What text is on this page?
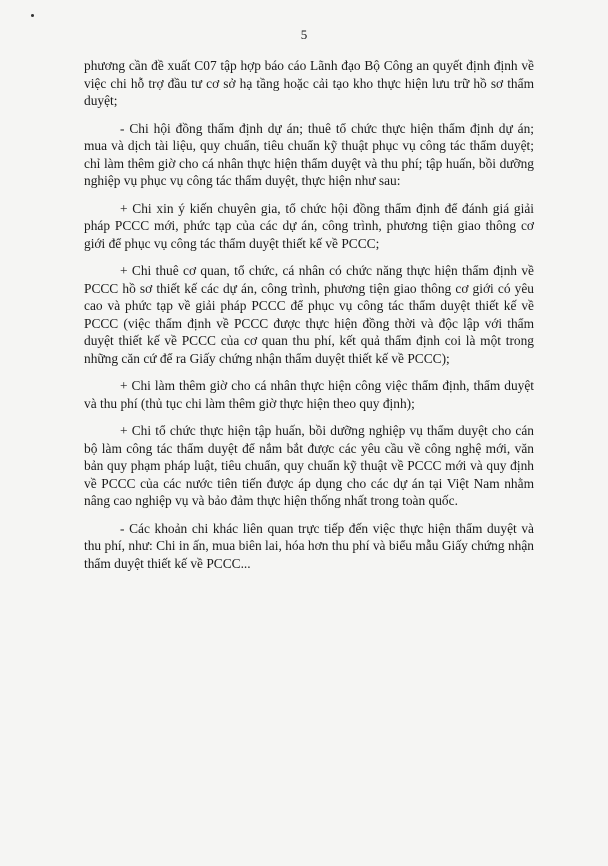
5

phương cần đề xuất C07 tập hợp báo cáo Lãnh đạo Bộ Công an quyết định định về việc chi hỗ trợ đầu tư cơ sở hạ tầng hoặc cải tạo kho thực hiện lưu trữ hồ sơ thẩm duyệt;

- Chi hội đồng thẩm định dự án; thuê tổ chức thực hiện thẩm định dự án; mua và dịch tài liệu, quy chuẩn, tiêu chuẩn kỹ thuật phục vụ công tác thẩm duyệt; chỉ làm thêm giờ cho cá nhân thực hiện thẩm duyệt và thu phí; tập huấn, bồi dưỡng nghiệp vụ phục vụ công tác thẩm duyệt, thực hiện như sau:

+ Chi xin ý kiến chuyên gia, tổ chức hội đồng thẩm định để đánh giá giải pháp PCCC mới, phức tạp của các dự án, công trình, phương tiện giao thông cơ giới để phục vụ công tác thẩm duyệt thiết kế về PCCC;

+ Chi thuê cơ quan, tổ chức, cá nhân có chức năng thực hiện thẩm định về PCCC hồ sơ thiết kế các dự án, công trình, phương tiện giao thông cơ giới có yêu cao và phức tạp về giải pháp PCCC để phục vụ công tác thẩm duyệt thiết kế về PCCC (việc thẩm định về PCCC được thực hiện đồng thời và độc lập với thẩm duyệt thiết kế về PCCC của cơ quan thu phí, kết quả thẩm định coi là một trong những căn cứ để ra Giấy chứng nhận thẩm duyệt thiết kế về PCCC);

+ Chi làm thêm giờ cho cá nhân thực hiện công việc thẩm định, thẩm duyệt và thu phí (thủ tục chi làm thêm giờ thực hiện theo quy định);

+ Chi tổ chức thực hiện tập huấn, bồi dưỡng nghiệp vụ thẩm duyệt cho cán bộ làm công tác thẩm duyệt để nắm bắt được các yêu cầu về công nghệ mới, văn bản quy phạm pháp luật, tiêu chuẩn, quy chuẩn kỹ thuật về PCCC mới và quy định về PCCC của các nước tiên tiến được áp dụng cho các dự án tại Việt Nam nhằm nâng cao nghiệp vụ và bảo đảm thực hiện thống nhất trong toàn quốc.

- Các khoản chi khác liên quan trực tiếp đến việc thực hiện thẩm duyệt và thu phí, như: Chi in ấn, mua biên lai, hóa hơn thu phí và biểu mẫu Giấy chứng nhận thẩm duyệt thiết kế về PCCC...
